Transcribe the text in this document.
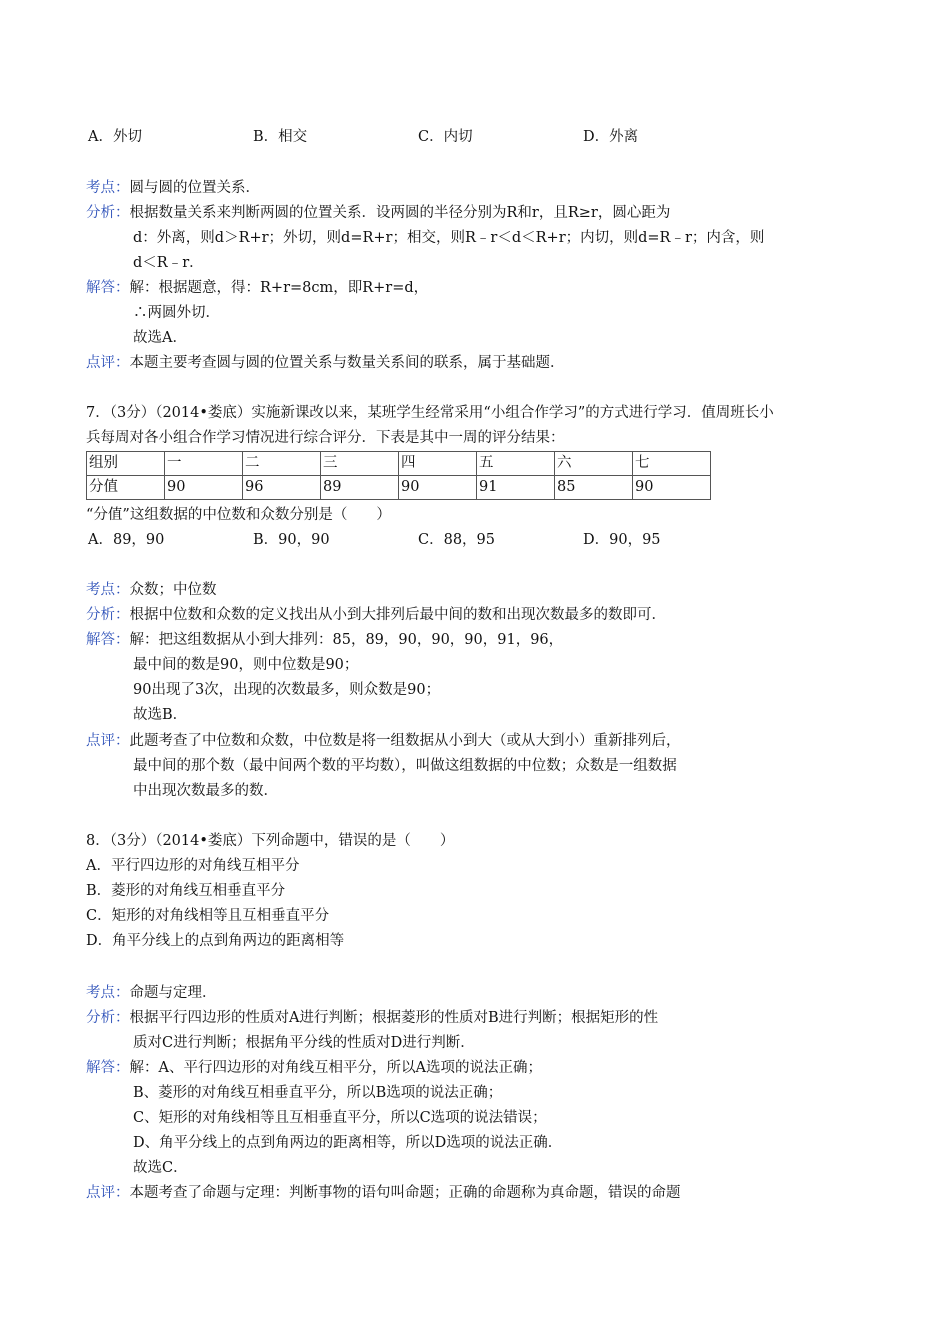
A．外切	B．相交	C．内切	D．外离
考点：圆与圆的位置关系．
分析：根据数量关系来判断两圆的位置关系．设两圆的半径分别为R和r，且R≥r，圆心距为
d：外离，则d＞R+r；外切，则d=R+r；相交，则R﹣r＜d＜R+r；内切，则d=R﹣r；内含，则
d＜R﹣r．
解答：解：根据题意，得：R+r=8cm，即R+r=d，
∴两圆外切．
故选A．
点评：本题主要考查圆与圆的位置关系与数量关系间的联系，属于基础题．
7．（3分）（2014•娄底）实施新课改以来，某班学生经常采用“小组合作学习”的方式进行学习．值周班长小
兵每周对各小组合作学习情况进行综合评分．下表是其中一周的评分结果：
组别	一	二	三	四	五	六	七
分值	90	96	89	90	91	85	90
“分值”这组数据的中位数和众数分别是（　　）
A．89，90	B．90，90	C．88，95	D．90，95
考点：众数；中位数
分析：根据中位数和众数的定义找出从小到大排列后最中间的数和出现次数最多的数即可．
解答：解：把这组数据从小到大排列：85，89，90，90，90，91，96，
最中间的数是90，则中位数是90；
90出现了3次，出现的次数最多，则众数是90；
故选B．
点评：此题考查了中位数和众数，中位数是将一组数据从小到大（或从大到小）重新排列后，
最中间的那个数（最中间两个数的平均数），叫做这组数据的中位数；众数是一组数据
中出现次数最多的数．
8．（3分）（2014•娄底）下列命题中，错误的是（　　）
A．平行四边形的对角线互相平分
B．菱形的对角线互相垂直平分
C．矩形的对角线相等且互相垂直平分
D．角平分线上的点到角两边的距离相等
考点：命题与定理．
分析：根据平行四边形的性质对A进行判断；根据菱形的性质对B进行判断；根据矩形的性
质对C进行判断；根据角平分线的性质对D进行判断．
解答：解：A、平行四边形的对角线互相平分，所以A选项的说法正确；
B、菱形的对角线互相垂直平分，所以B选项的说法正确；
C、矩形的对角线相等且互相垂直平分，所以C选项的说法错误；
D、角平分线上的点到角两边的距离相等，所以D选项的说法正确．
故选C．
点评：本题考查了命题与定理：判断事物的语句叫命题；正确的命题称为真命题，错误的命题
